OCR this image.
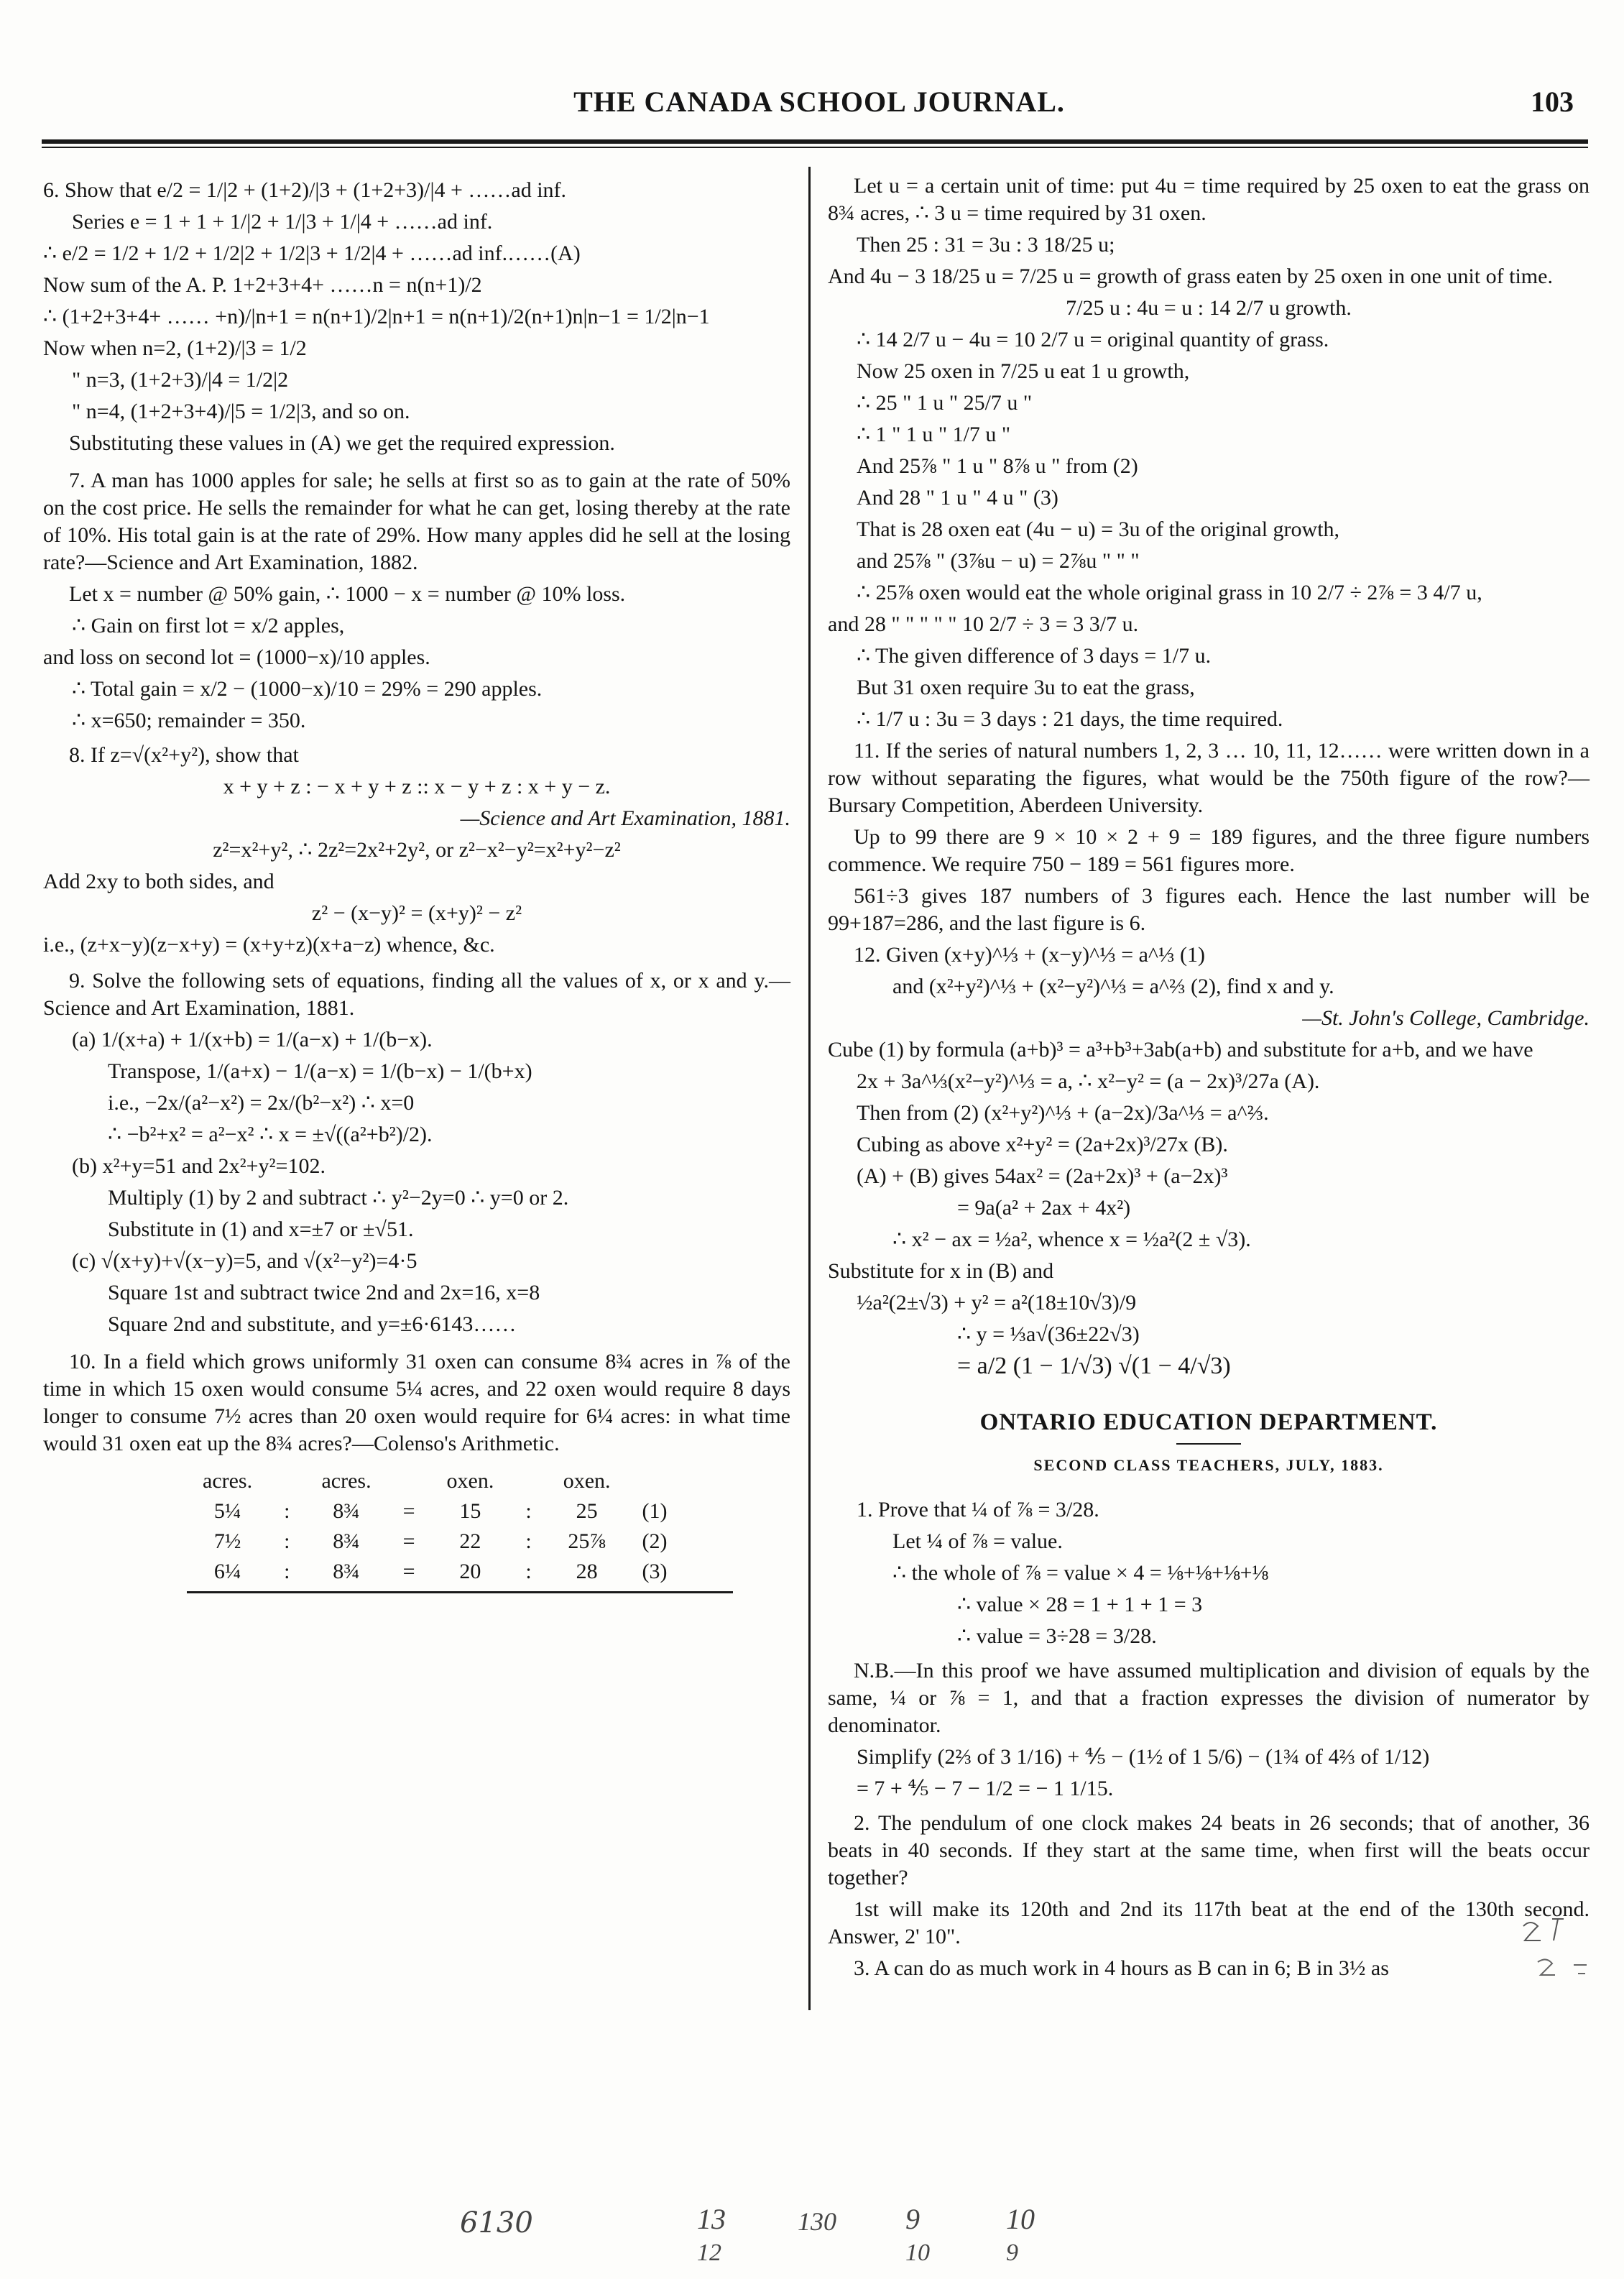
THE CANADA SCHOOL JOURNAL.	103
6. Show that e/2 = 1/|2 + (1+2)/|3 + (1+2+3)/|4 + ……ad inf.
Series e = 1 + 1 + 1/|2 + 1/|3 + 1/|4 + ……ad inf.
∴ e/2 = 1/2 + 1/2 + 1/2|2 + 1/2|3 + 1/2|4 + ……ad inf.……(A)
Now sum of the A. P. 1+2+3+4+ ……n = n(n+1)/2
∴ (1+2+3+4+ …… +n)/|n+1 = n(n+1)/2|n+1 = n(n+1)/2(n+1)n|n−1 = 1/2|n−1
Now when n=2, (1+2)/|3 = 1/2
" n=3, (1+2+3)/|4 = 1/2|2
" n=4, (1+2+3+4)/|5 = 1/2|3, and so on.
Substituting these values in (A) we get the required expression.
7. A man has 1000 apples for sale; he sells at first so as to gain at the rate of 50% on the cost price. He sells the remainder for what he can get, losing thereby at the rate of 10%. His total gain is at the rate of 29%. How many apples did he sell at the losing rate?—Science and Art Examination, 1882.
Let x = number @ 50% gain, ∴ 1000 − x = number @ 10% loss.
∴ Gain on first lot = x/2 apples,
and loss on second lot = (1000−x)/10 apples.
∴ Total gain = x/2 − (1000−x)/10 = 29% = 290 apples.
∴ x=650; remainder = 350.
8. If z=√(x²+y²), show that
x + y + z : − x + y + z :: x − y + z : x + y − z.
—Science and Art Examination, 1881.
z²=x²+y², ∴ 2z²=2x²+2y², or z²−x²−y²=x²+y²−z²
Add 2xy to both sides, and
z² − (x−y)² = (x+y)² − z²
i.e., (z+x−y)(z−x+y) = (x+y+z)(x+a−z) whence, &c.
9. Solve the following sets of equations, finding all the values of x, or x and y.—Science and Art Examination, 1881.
(a) 1/(x+a) + 1/(x+b) = 1/(a−x) + 1/(b−x).
Transpose, 1/(a+x) − 1/(a−x) = 1/(b−x) − 1/(b+x)
i.e., −2x/(a²−x²) = 2x/(b²−x²) ∴ x=0
∴ −b²+x² = a²−x² ∴ x = ±√((a²+b²)/2).
(b) x²+y=51 and 2x²+y²=102.
Multiply (1) by 2 and subtract ∴ y²−2y=0 ∴ y=0 or 2.
Substitute in (1) and x=±7 or ±√51.
(c) √(x+y)+√(x−y)=5, and √(x²−y²)=4·5
Square 1st and subtract twice 2nd and 2x=16, x=8
Square 2nd and substitute, and y=±6·6143……
10. In a field which grows uniformly 31 oxen can consume 8¾ acres in ⅞ of the time in which 15 oxen would consume 5¼ acres, and 22 oxen would require 8 days longer to consume 7½ acres than 20 oxen would require for 6¼ acres: in what time would 31 oxen eat up the 8¾ acres?—Colenso's Arithmetic.
acres.		acres.		oxen.		oxen.	
5¼	:	8¾	=	15	:	25	(1)
7½	:	8¾	=	22	:	25⅞	(2)
6¼	:	8¾	=	20	:	28	(3)
Let u = a certain unit of time: put 4u = time required by 25 oxen to eat the grass on 8¾ acres, ∴ 3 u = time required by 31 oxen.
Then 25 : 31 = 3u : 3 18/25 u;
And 4u − 3 18/25 u = 7/25 u = growth of grass eaten by 25 oxen in one unit of time.
7/25 u : 4u = u : 14 2/7 u growth.
∴ 14 2/7 u − 4u = 10 2/7 u = original quantity of grass.
Now 25 oxen in 7/25 u eat 1 u growth,
∴ 25 " 1 u " 25/7 u "
∴ 1 " 1 u " 1/7 u "
And 25⅞ " 1 u " 8⅞ u " from (2)
And 28 " 1 u " 4 u " (3)
That is 28 oxen eat (4u − u) = 3u of the original growth,
and 25⅞ " (3⅞u − u) = 2⅞u " " "
∴ 25⅞ oxen would eat the whole original grass in 10 2/7 ÷ 2⅞ = 3 4/7 u,
and 28 " " " " " 10 2/7 ÷ 3 = 3 3/7 u.
∴ The given difference of 3 days = 1/7 u.
But 31 oxen require 3u to eat the grass,
∴ 1/7 u : 3u = 3 days : 21 days, the time required.
11. If the series of natural numbers 1, 2, 3 … 10, 11, 12…… were written down in a row without separating the figures, what would be the 750th figure of the row?—Bursary Competition, Aberdeen University.
Up to 99 there are 9 × 10 × 2 + 9 = 189 figures, and the three figure numbers commence. We require 750 − 189 = 561 figures more.
561÷3 gives 187 numbers of 3 figures each. Hence the last number will be 99+187=286, and the last figure is 6.
12. Given (x+y)^⅓ + (x−y)^⅓ = a^⅓ (1)
and (x²+y²)^⅓ + (x²−y²)^⅓ = a^⅔ (2), find x and y.
—St. John's College, Cambridge.
Cube (1) by formula (a+b)³ = a³+b³+3ab(a+b) and substitute for a+b, and we have
2x + 3a^⅓(x²−y²)^⅓ = a, ∴ x²−y² = (a − 2x)³/27a (A).
Then from (2) (x²+y²)^⅓ + (a−2x)/3a^⅓ = a^⅔.
Cubing as above x²+y² = (2a+2x)³/27x (B).
(A) + (B) gives 54ax² = (2a+2x)³ + (a−2x)³
= 9a(a² + 2ax + 4x²)
∴ x² − ax = ½a², whence x = ½a²(2 ± √3).
Substitute for x in (B) and
½a²(2±√3) + y² = a²(18±10√3)/9
∴ y = ⅓a√(36±22√3)
= a/2 (1 − 1/√3) √(1 − 4/√3)
ONTARIO EDUCATION DEPARTMENT.
SECOND CLASS TEACHERS, JULY, 1883.
1. Prove that ¼ of ⅞ = 3/28.
Let ¼ of ⅞ = value.
∴ the whole of ⅞ = value × 4 = ⅛+⅛+⅛+⅛
∴ value × 28 = 1 + 1 + 1 = 3
∴ value = 3÷28 = 3/28.
N.B.—In this proof we have assumed multiplication and division of equals by the same, ¼ or ⅞ = 1, and that a fraction expresses the division of numerator by denominator.
Simplify (2⅔ of 3 1/16) + ⅘ − (1½ of 1 5/6) − (1¾ of 4⅔ of 1/12)
= 7 + ⅘ − 7 − 1/2 = − 1 1/15.
2. The pendulum of one clock makes 24 beats in 26 seconds; that of another, 36 beats in 40 seconds. If they start at the same time, when first will the beats occur together?
1st will make its 120th and 2nd its 117th beat at the end of the 130th second. Answer, 2' 10".
3. A can do as much work in 4 hours as B can in 6; B in 3½ as
6130	13	130 9	10
12	10	9
